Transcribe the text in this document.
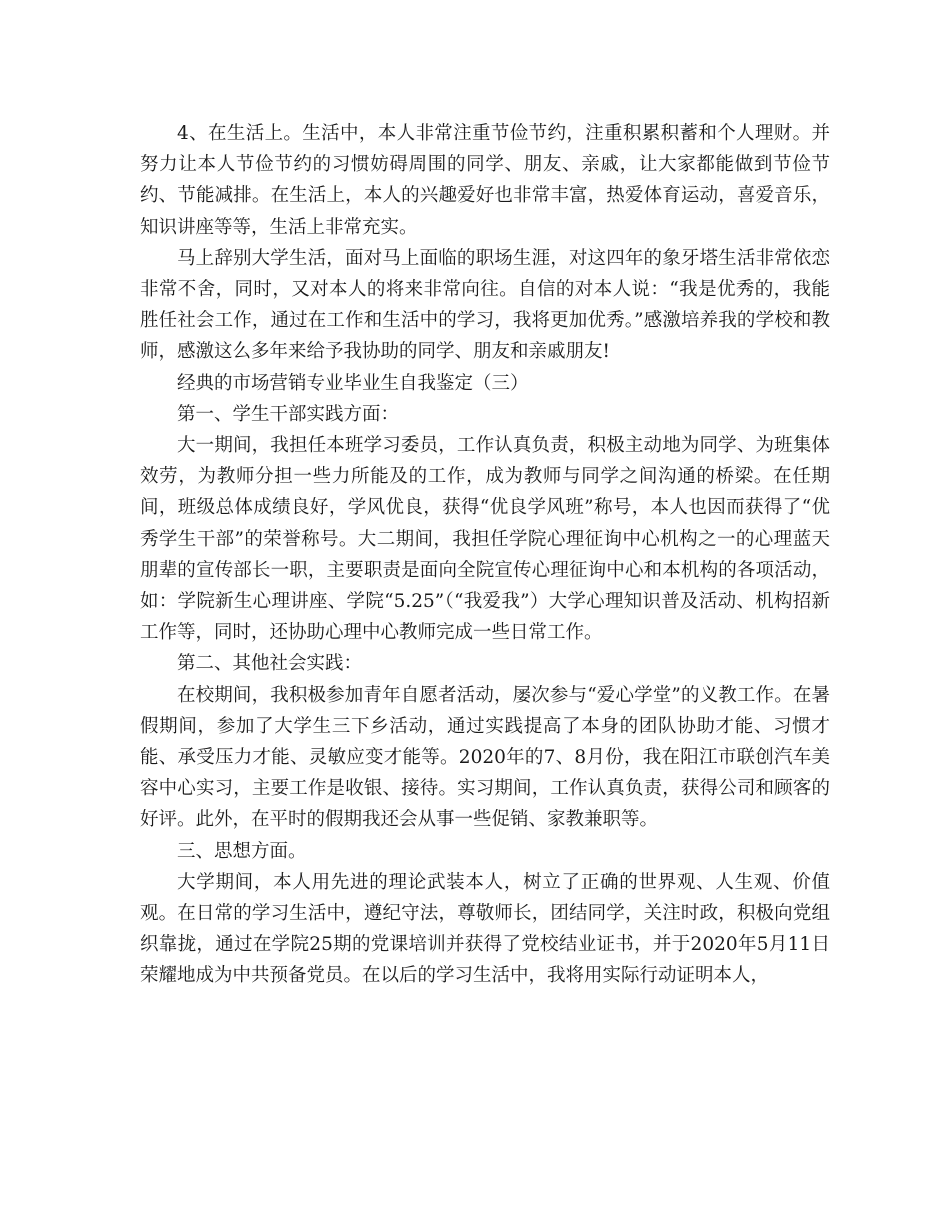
4、在生活上。生活中，本人非常注重节俭节约，注重积累积蓄和个人理财。并努力让本人节俭节约的习惯妨碍周围的同学、朋友、亲戚，让大家都能做到节俭节约、节能减排。在生活上，本人的兴趣爱好也非常丰富，热爱体育运动，喜爱音乐，知识讲座等等，生活上非常充实。

马上辞别大学生活，面对马上面临的职场生涯，对这四年的象牙塔生活非常依恋非常不舍，同时，又对本人的将来非常向往。自信的对本人说：“我是优秀的，我能胜任社会工作，通过在工作和生活中的学习，我将更加优秀。”感激培养我的学校和教师，感激这么多年来给予我协助的同学、朋友和亲戚朋友!

经典的市场营销专业毕业生自我鉴定（三）

第一、学生干部实践方面：

大一期间，我担任本班学习委员，工作认真负责，积极主动地为同学、为班集体效劳，为教师分担一些力所能及的工作，成为教师与同学之间沟通的桥梁。在任期间，班级总体成绩良好，学风优良，获得“优良学风班”称号，本人也因而获得了“优秀学生干部”的荣誉称号。大二期间，我担任学院心理征询中心机构之一的心理蓝天朋辈的宣传部长一职，主要职责是面向全院宣传心理征询中心和本机构的各项活动，如：学院新生心理讲座、学院“5.25”（“我爱我”）大学心理知识普及活动、机构招新工作等，同时，还协助心理中心教师完成一些日常工作。

第二、其他社会实践：

在校期间，我积极参加青年自愿者活动，屡次参与“爱心学堂”的义教工作。在暑假期间，参加了大学生三下乡活动，通过实践提高了本身的团队协助才能、习惯才能、承受压力才能、灵敏应变才能等。2020年的7、8月份，我在阳江市联创汽车美容中心实习，主要工作是收银、接待。实习期间，工作认真负责，获得公司和顾客的好评。此外，在平时的假期我还会从事一些促销、家教兼职等。

三、思想方面。

大学期间，本人用先进的理论武装本人，树立了正确的世界观、人生观、价值观。在日常的学习生活中，遵纪守法，尊敬师长，团结同学，关注时政，积极向党组织靠拢，通过在学院25期的党课培训并获得了党校结业证书，并于2020年5月11日荣耀地成为中共预备党员。在以后的学习生活中，我将用实际行动证明本人，
